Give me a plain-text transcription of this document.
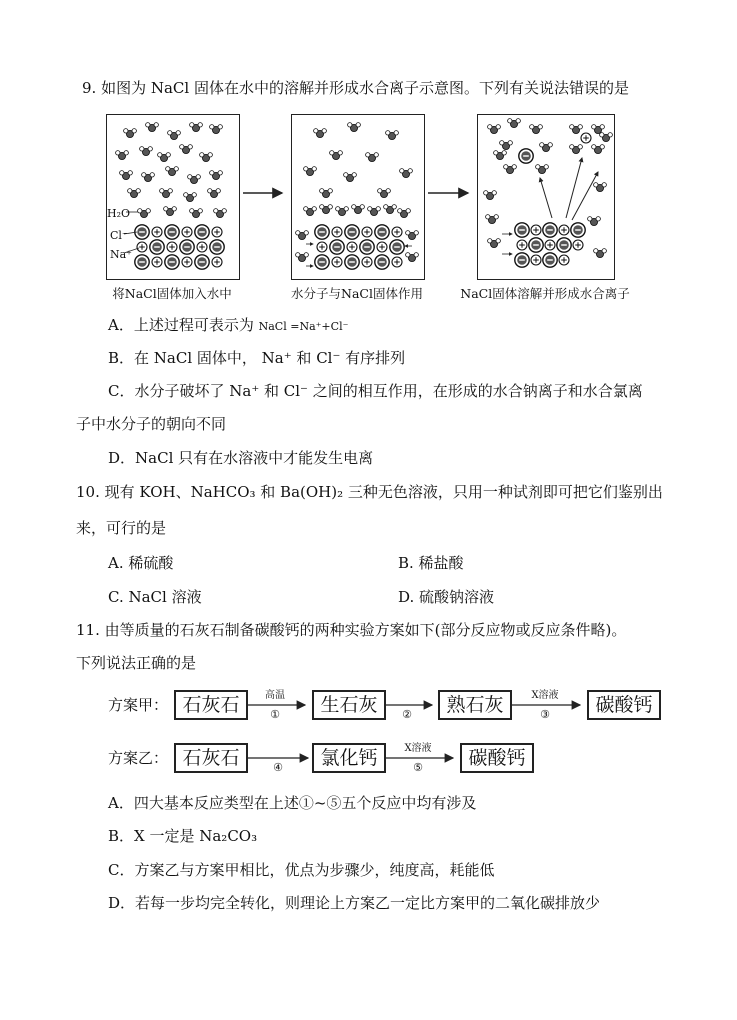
9. 如图为 NaCl 固体在水中的溶解并形成水合离子示意图。下列有关说法错误的是
H₂O
Cl⁻
Na⁺
将NaCl固体加入水中	水分子与NaCl固体作用	NaCl固体溶解并形成水合离子
A．上述过程可表示为 NaCl =Na⁺+Cl⁻
B．在 NaCl 固体中， Na⁺ 和 Cl⁻ 有序排列
C．水分子破坏了 Na⁺ 和 Cl⁻ 之间的相互作用，在形成的水合钠离子和水合氯离
子中水分子的朝向不同
D．NaCl 只有在水溶液中才能发生电离
10. 现有 KOH、NaHCO₃ 和 Ba(OH)₂ 三种无色溶液，只用一种试剂即可把它们鉴别出
来，可行的是
A. 稀硫酸	B. 稀盐酸
C. NaCl 溶液	D. 硫酸钠溶液
11. 由等质量的石灰石制备碳酸钙的两种实验方案如下(部分反应物或反应条件略)。
下列说法正确的是
方案甲： 石灰石	生石灰	熟石灰	碳酸钙
高温
①	②
X溶液
③
方案乙： 石灰石	氯化钙	碳酸钙
④
X溶液
⑤
A．四大基本反应类型在上述①~⑤五个反应中均有涉及
B．X 一定是 Na₂CO₃
C．方案乙与方案甲相比，优点为步骤少，纯度高，耗能低
D．若每一步均完全转化，则理论上方案乙一定比方案甲的二氧化碳排放少
